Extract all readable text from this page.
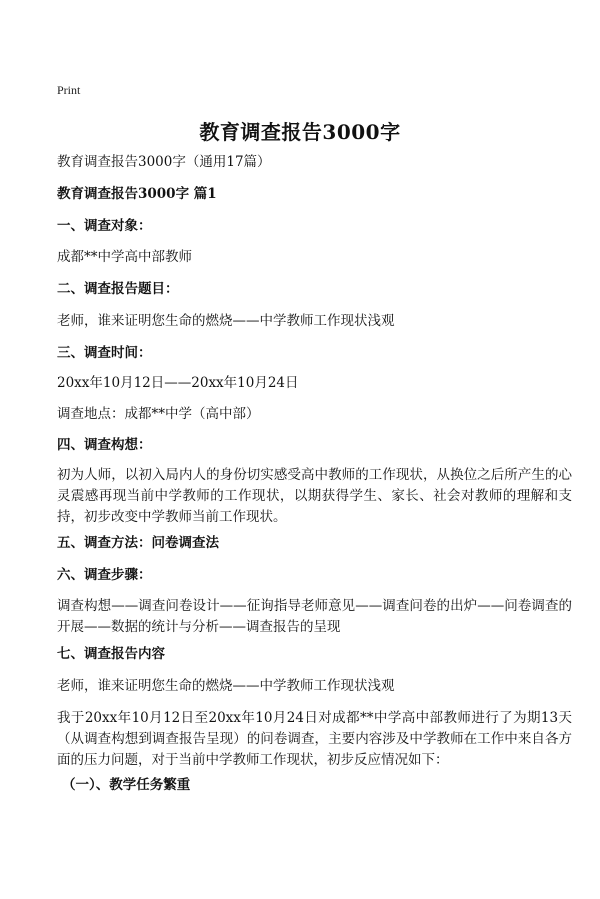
Print
教育调查报告3000字
教育调查报告3000字（通用17篇）
教育调查报告3000字 篇1
一、调查对象：
成都**中学高中部教师
二、调查报告题目：
老师，谁来证明您生命的燃烧——中学教师工作现状浅观
三、调查时间：
20xx年10月12日——20xx年10月24日
调查地点：成都**中学（高中部）
四、调查构想：
初为人师，以初入局内人的身份切实感受高中教师的工作现状，从换位之后所产生的心灵震感再现当前中学教师的工作现状，以期获得学生、家长、社会对教师的理解和支持，初步改变中学教师当前工作现状。
五、调查方法：问卷调查法
六、调查步骤：
调查构想——调查问卷设计——征询指导老师意见——调查问卷的出炉——问卷调查的开展——数据的统计与分析——调查报告的呈现
七、调查报告内容
老师，谁来证明您生命的燃烧——中学教师工作现状浅观
我于20xx年10月12日至20xx年10月24日对成都**中学高中部教师进行了为期13天（从调查构想到调查报告呈现）的问卷调查，主要内容涉及中学教师在工作中来自各方面的压力问题，对于当前中学教师工作现状，初步反应情况如下：
（一）、教学任务繁重
